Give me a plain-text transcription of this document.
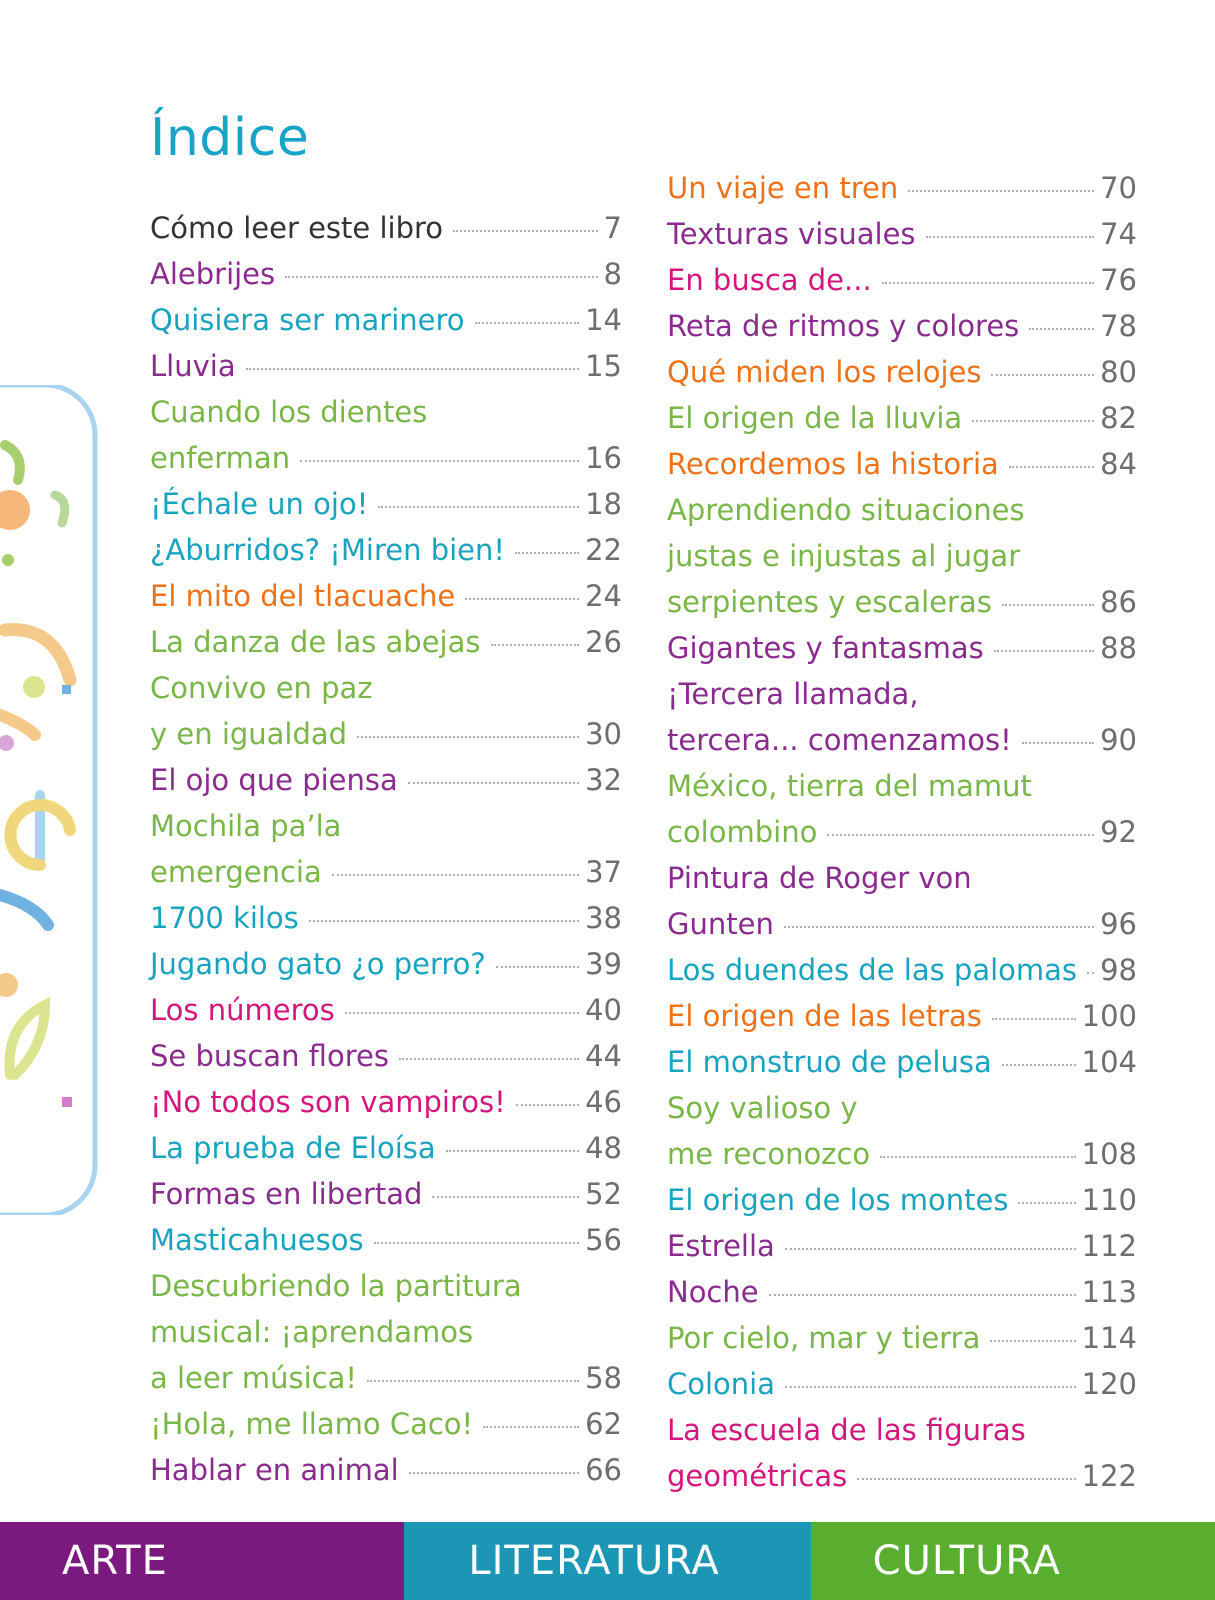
Índice
Cómo leer este libro	7
Alebrijes	8
Quisiera ser marinero	14
Lluvia	15
Cuando los dientes
enferman	16
¡Échale un ojo!	18
¿Aburridos? ¡Miren bien!	22
El mito del tlacuache	24
La danza de las abejas	26
Convivo en paz
y en igualdad	30
El ojo que piensa	32
Mochila pa’la
emergencia	37
1700 kilos	38
Jugando gato ¿o perro?	39
Los números	40
Se buscan flores	44
¡No todos son vampiros!	46
La prueba de Eloísa	48
Formas en libertad	52
Masticahuesos	56
Descubriendo la partitura
musical: ¡aprendamos
a leer música!	58
¡Hola, me llamo Caco!	62
Hablar en animal	66
Un viaje en tren	70
Texturas visuales	74
En busca de...	76
Reta de ritmos y colores	78
Qué miden los relojes	80
El origen de la lluvia	82
Recordemos la historia	84
Aprendiendo situaciones
justas e injustas al jugar
serpientes y escaleras	86
Gigantes y fantasmas	88
¡Tercera llamada,
tercera... comenzamos!	90
México, tierra del mamut
colombino	92
Pintura de Roger von
Gunten	96
Los duendes de las palomas 98
El origen de las letras	100
El monstruo de pelusa	104
Soy valioso y
me reconozco	108
El origen de los montes	110
Estrella	112
Noche	113
Por cielo, mar y tierra	114
Colonia	120
La escuela de las figuras
geométricas	122
ARTE	LITERATURA	CULTURA
